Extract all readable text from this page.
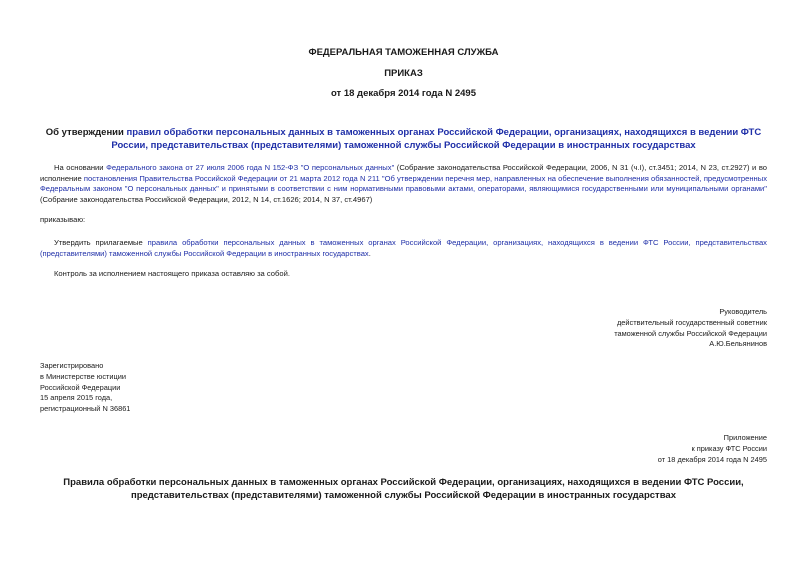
ФЕДЕРАЛЬНАЯ ТАМОЖЕННАЯ СЛУЖБА
ПРИКАЗ
от 18 декабря 2014 года N 2495
Об утверждении правил обработки персональных данных в таможенных органах Российской Федерации, организациях, находящихся в ведении ФТС России, представительствах (представителями) таможенной службы Российской Федерации в иностранных государствах
На основании Федерального закона от 27 июля 2006 года N 152-ФЗ "О персональных данных" (Собрание законодательства Российской Федерации, 2006, N 31 (ч.I), ст.3451; 2014, N 23, ст.2927) и во исполнение постановления Правительства Российской Федерации от 21 марта 2012 года N 211 "Об утверждении перечня мер, направленных на обеспечение выполнения обязанностей, предусмотренных Федеральным законом "О персональных данных" и принятыми в соответствии с ним нормативными правовыми актами, операторами, являющимися государственными или муниципальными органами" (Собрание законодательства Российской Федерации, 2012, N 14, ст.1626; 2014, N 37, ст.4967)
приказываю:
Утвердить прилагаемые правила обработки персональных данных в таможенных органах Российской Федерации, организациях, находящихся в ведении ФТС России, представительствах (представителями) таможенной службы Российской Федерации в иностранных государствах.
Контроль за исполнением настоящего приказа оставляю за собой.
Руководитель
действительный государственный советник
таможенной службы Российской Федерации
А.Ю.Бельянинов
Зарегистрировано
в Министерстве юстиции
Российской Федерации
15 апреля 2015 года,
регистрационный N 36861
Приложение
к приказу ФТС России
от 18 декабря 2014 года N 2495
Правила обработки персональных данных в таможенных органах Российской Федерации, организациях, находящихся в ведении ФТС России,
представительствах (представителями) таможенной службы Российской Федерации в иностранных государствах
